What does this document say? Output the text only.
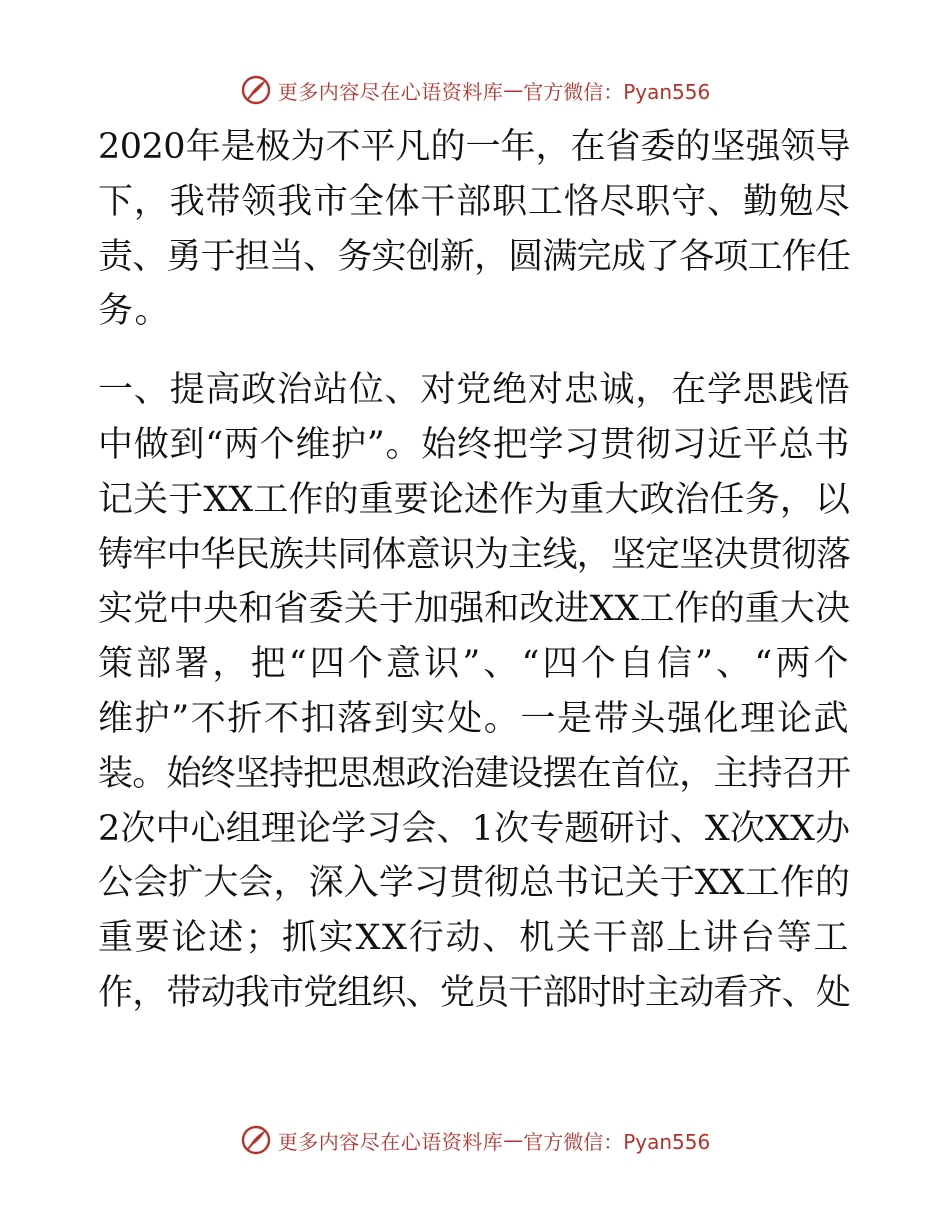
更多内容尽在心语资料库 — 官方微信：Pyan556

2020年是极为不平凡的一年，在省委的坚强领导
下，我带领我市全体干部职工恪尽职守、勤勉尽
责、勇于担当、务实创新，圆满完成了各项工作任
务。

一、提高政治站位、对党绝对忠诚，在学思践悟
中做到“两个维护”。始终把学习贯彻习近平总书
记关于XX工作的重要论述作为重大政治任务，以
铸牢中华民族共同体意识为主线，坚定坚决贯彻落
实党中央和省委关于加强和改进XX工作的重大决
策部署，把“四个意识”、“四个自信”、“两个
维护”不折不扣落到实处。一是带头强化理论武
装。始终坚持把思想政治建设摆在首位，主持召开
2次中心组理论学习会、1次专题研讨、X次XX办
公会扩大会，深入学习贯彻总书记关于XX工作的
重要论述；抓实XX行动、机关干部上讲台等工
作，带动我市党组织、党员干部时时主动看齐、处

更多内容尽在心语资料库 — 官方微信：Pyan556
